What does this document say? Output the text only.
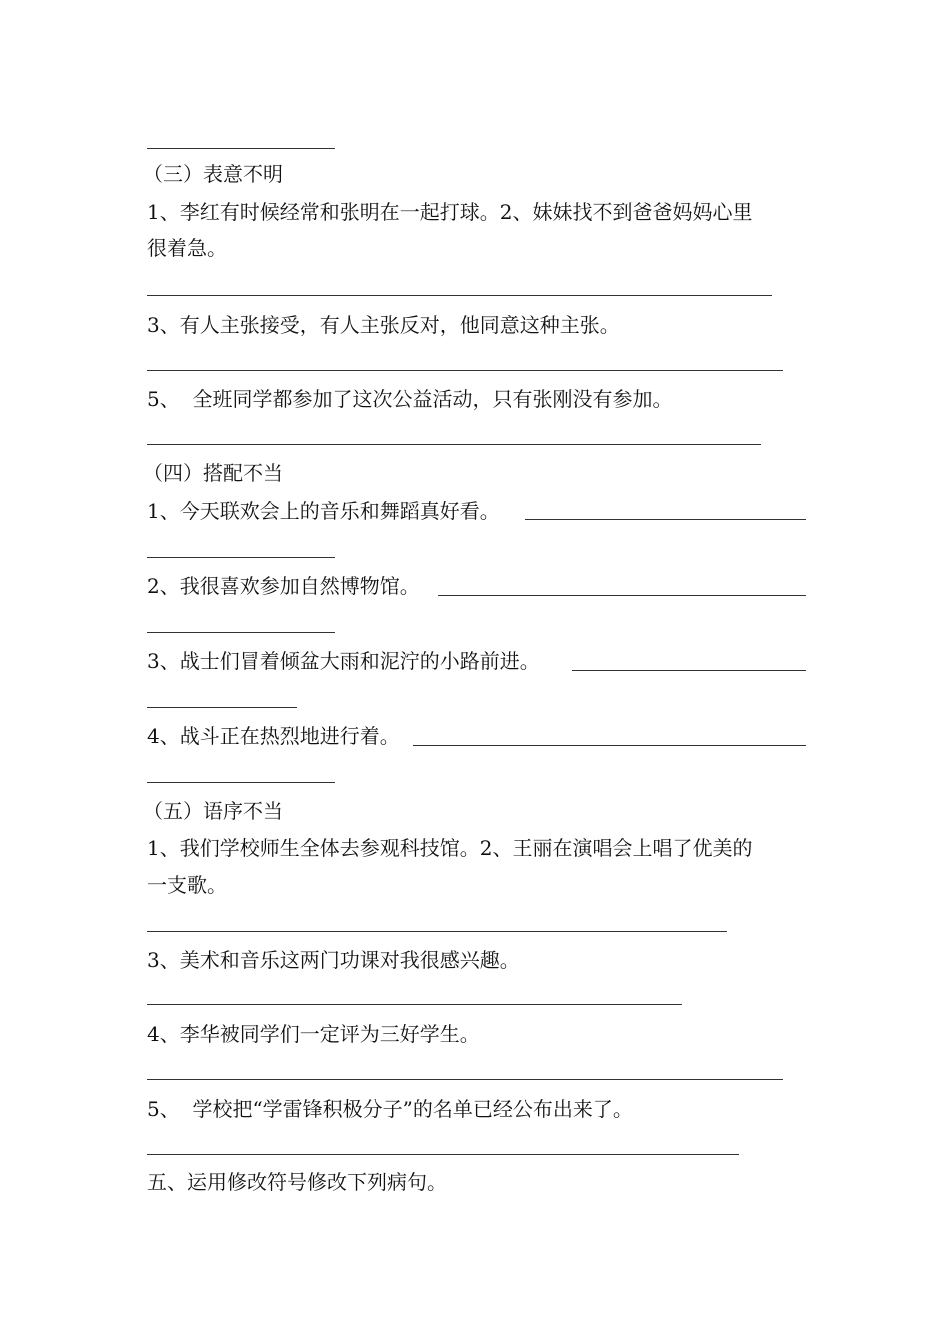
（三）表意不明
1、李红有时候经常和张明在一起打球。2、妹妹找不到爸爸妈妈心里
很着急。
3、有人主张接受，有人主张反对，他同意这种主张。
5、  全班同学都参加了这次公益活动，只有张刚没有参加。
（四）搭配不当
1、今天联欢会上的音乐和舞蹈真好看。
2、我很喜欢参加自然博物馆。
3、战士们冒着倾盆大雨和泥泞的小路前进。
4、战斗正在热烈地进行着。
（五）语序不当
1、我们学校师生全体去参观科技馆。2、王丽在演唱会上唱了优美的
一支歌。
3、美术和音乐这两门功课对我很感兴趣。
4、李华被同学们一定评为三好学生。
5、  学校把“学雷锋积极分子”的名单已经公布出来了。
五、运用修改符号修改下列病句。
